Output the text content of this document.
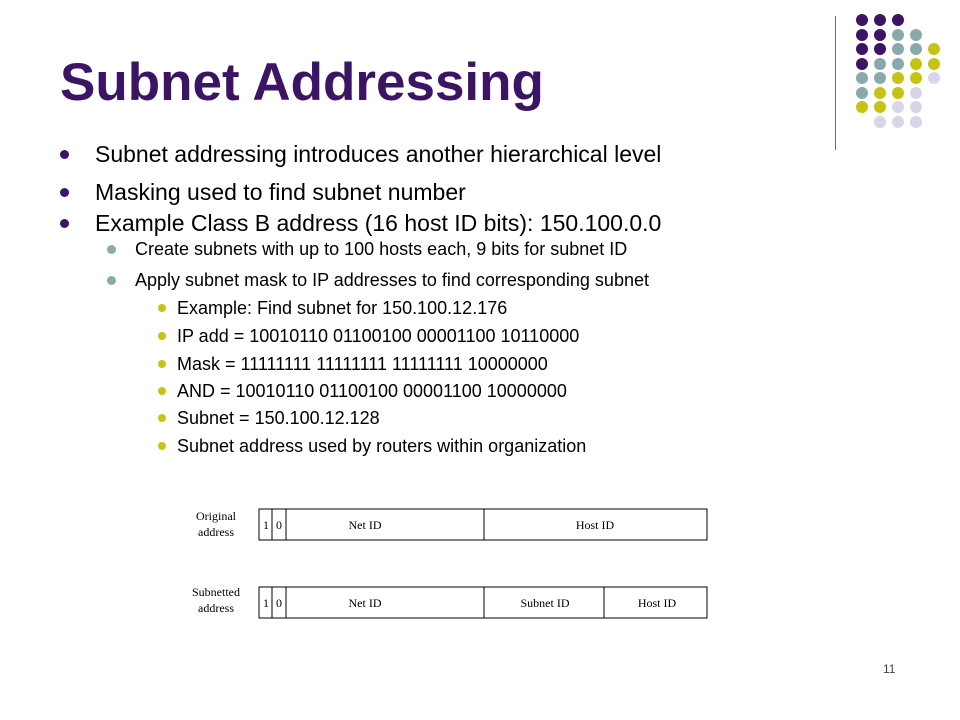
Subnet Addressing
Subnet addressing introduces another hierarchical level
Masking used to find subnet number
Example Class B address (16 host ID bits): 150.100.0.0
Create subnets with up to 100 hosts each, 9 bits for subnet ID
Apply subnet mask to IP addresses to find corresponding subnet
Example: Find subnet for 150.100.12.176
IP add = 10010110 01100100 00001100 10110000
Mask = 11111111 11111111 11111111 10000000
AND = 10010110 01100100 00001100 10000000
Subnet = 150.100.12.128
Subnet address used by routers within organization
Original
address 1 0	Net ID	Host ID
Subnetted
address 1 0	Net ID	Subnet ID	Host ID
11
